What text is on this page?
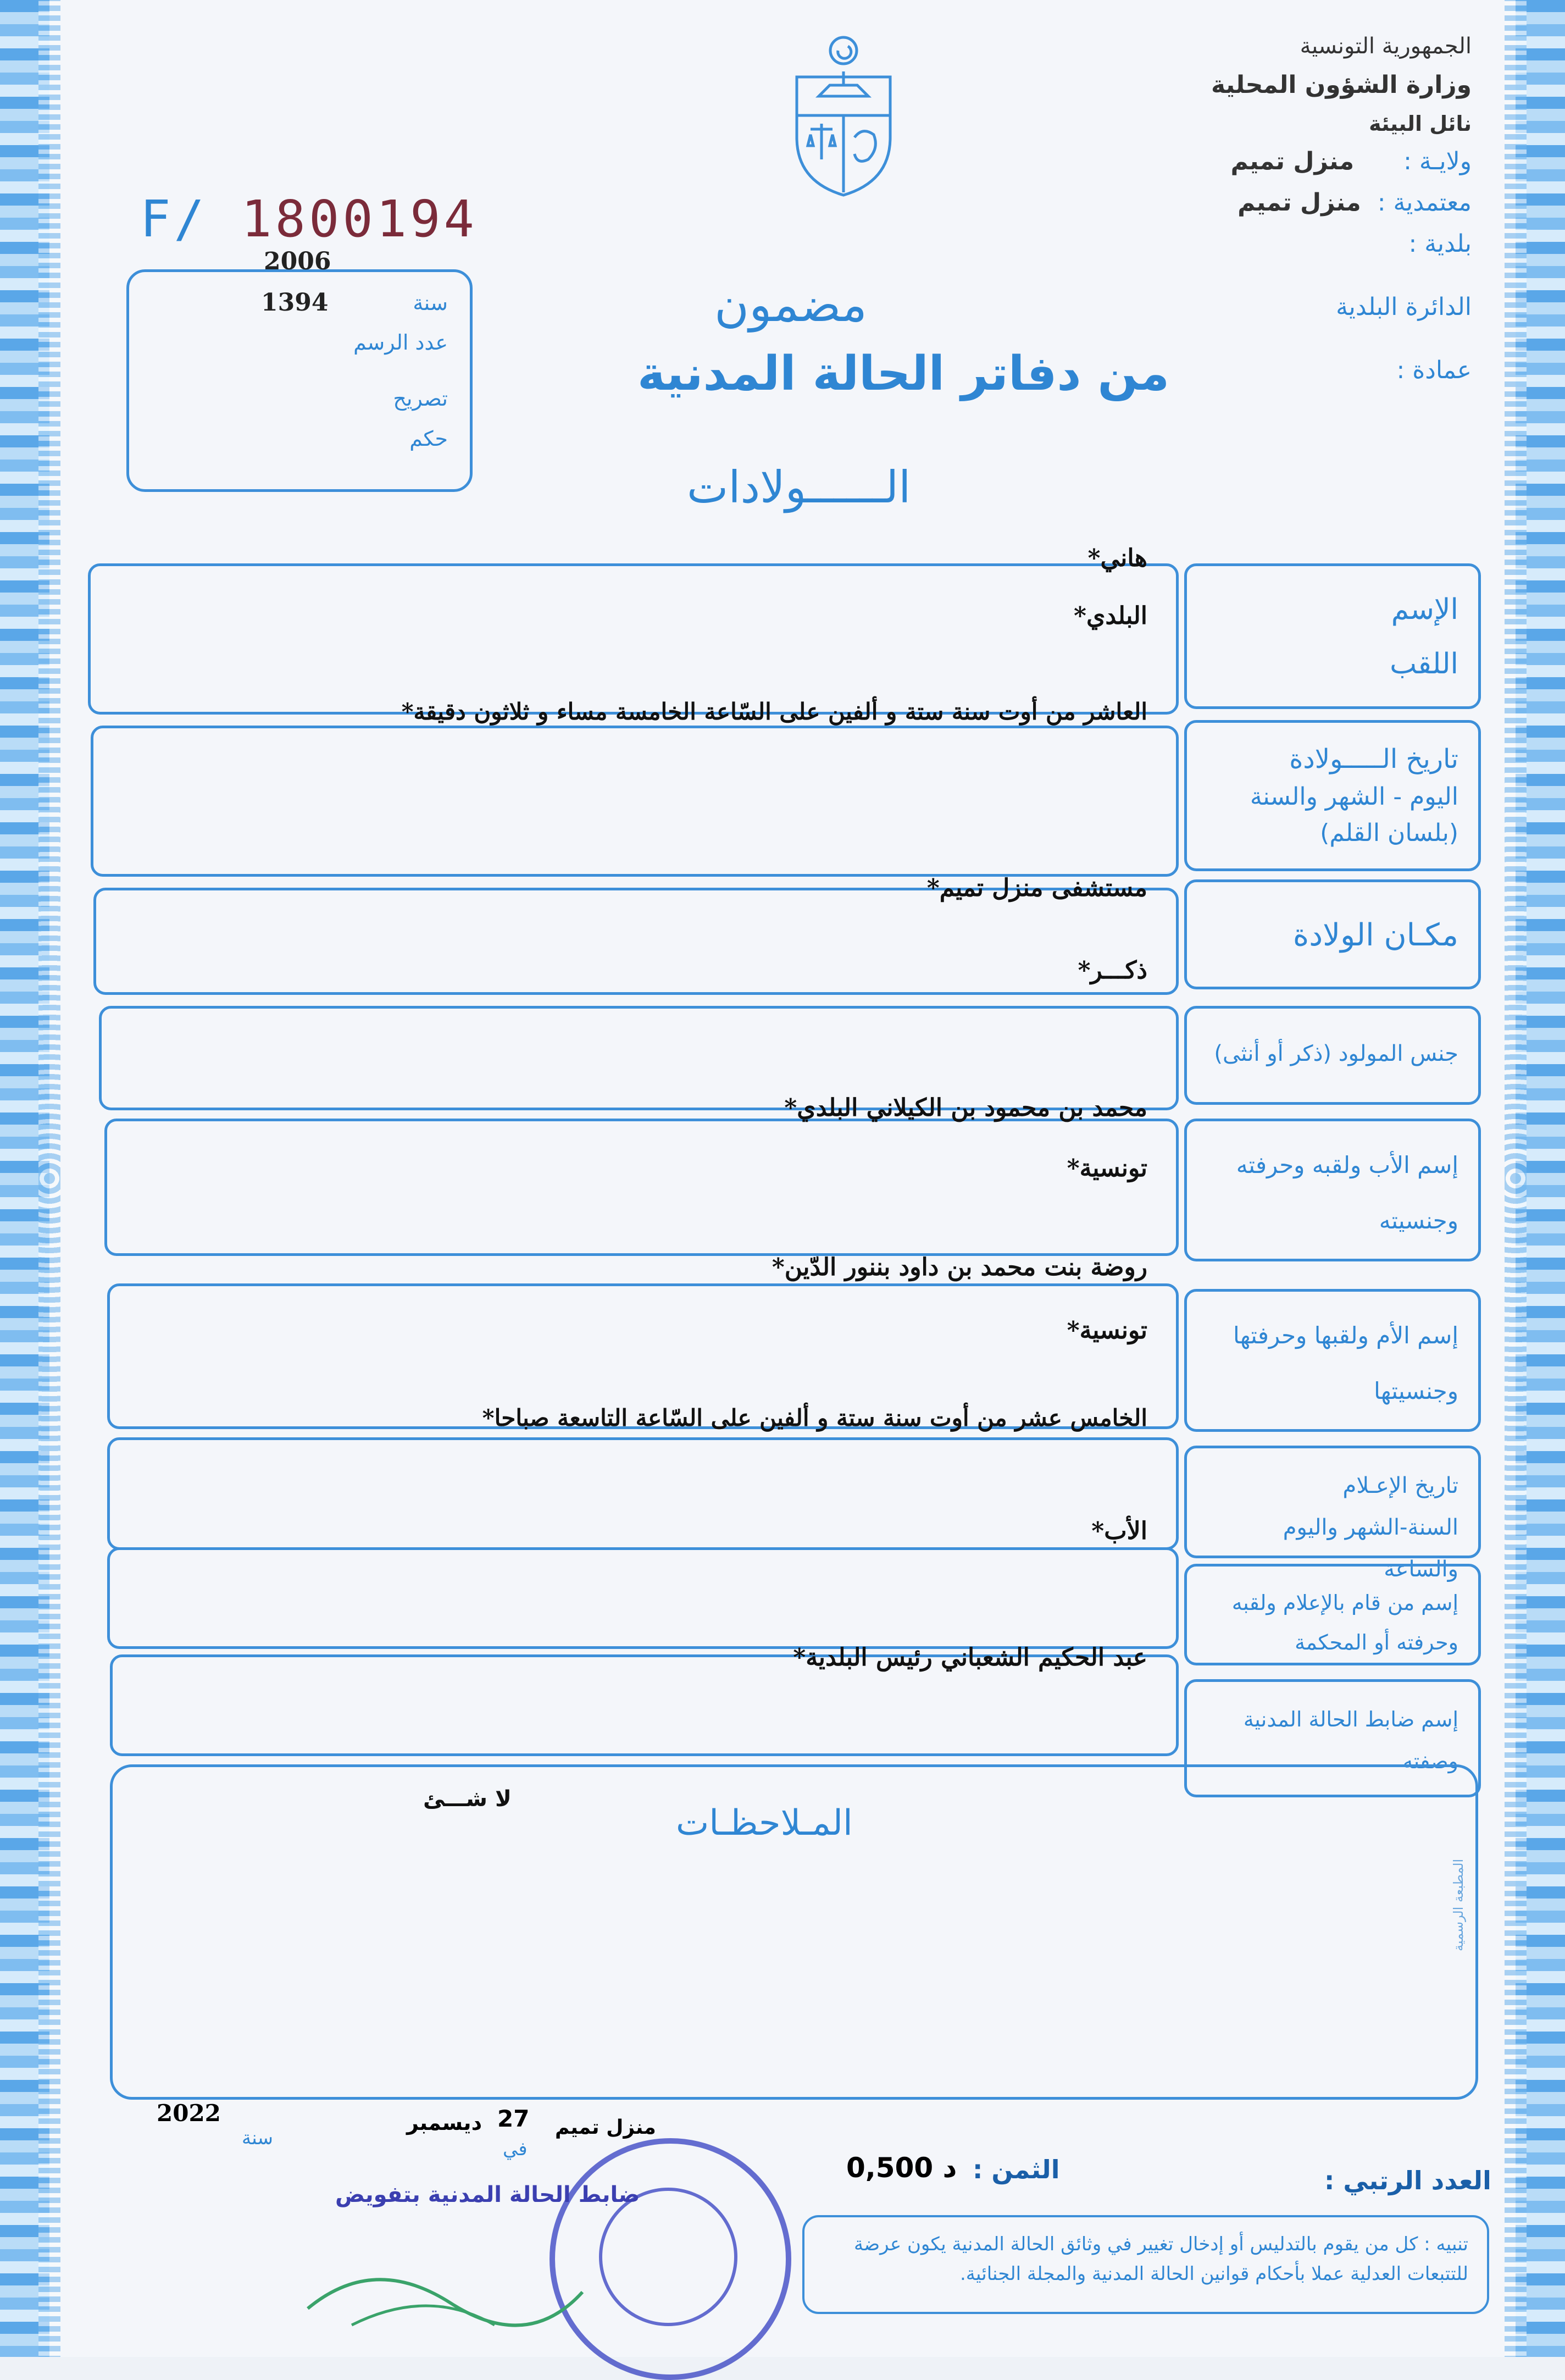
الجمهورية التونسية
وزارة الشؤون المحلية
نائل البيئة
ولايـة :
منزل تميم
معتمدية :
منزل تميم
بلدية :
الدائرة البلدية
عمادة :
F/ 1800194
2006
1394	سنة
عدد الرسم
تصريح
حكم
مضمون
من دفاتر الحالة المدنية
الــــــولادات
الإسم
اللقب
هاني*
البلدي*
تاريخ الـــــولادة
اليوم - الشهر والسنة
(بلسان القلم)
العاشر من أوت سنة ستة و ألفين على السّاعة الخامسة مساء و ثلاثون دقيقة*
مكـان الولادة
مستشفى منزل تميم*
جنس المولود (ذكر أو أنثى)
ذكـــر*
إسم الأب ولقبه وحرفته
وجنسيته
محمد بن محمود بن الكيلاني البلدي*
تونسية*
إسم الأم ولقبها وحرفتها
وجنسيتها
روضة بنت محمد بن داود بننور الدّين*
تونسية*
تاريخ الإعـلام
السنة-الشهر واليوم والساعة
الخامس عشر من أوت سنة ستة و ألفين على السّاعة التاسعة صباحا*
إسم من قام بالإعلام ولقبه
وحرفته أو المحكمة
الأب*
إسم ضابط الحالة المدنية
وصفته
عبد الحكيم الشعباني رئيس البلدية*
المـلاحظـات
لا شـــئ
المطبعة الرسمية
2022
سنة
ديسمبر 27
في
منزل تميم
0,500 د الثمن :	العدد الرتبي :
ضابط الحالة المدنية بتفويض
تنبيه : كل من يقوم بالتدليس أو إدخال تغيير في وثائق الحالة المدنية يكون عرضة للتتبعات العدلية عملا بأحكام قوانين الحالة المدنية والمجلة الجنائية.
